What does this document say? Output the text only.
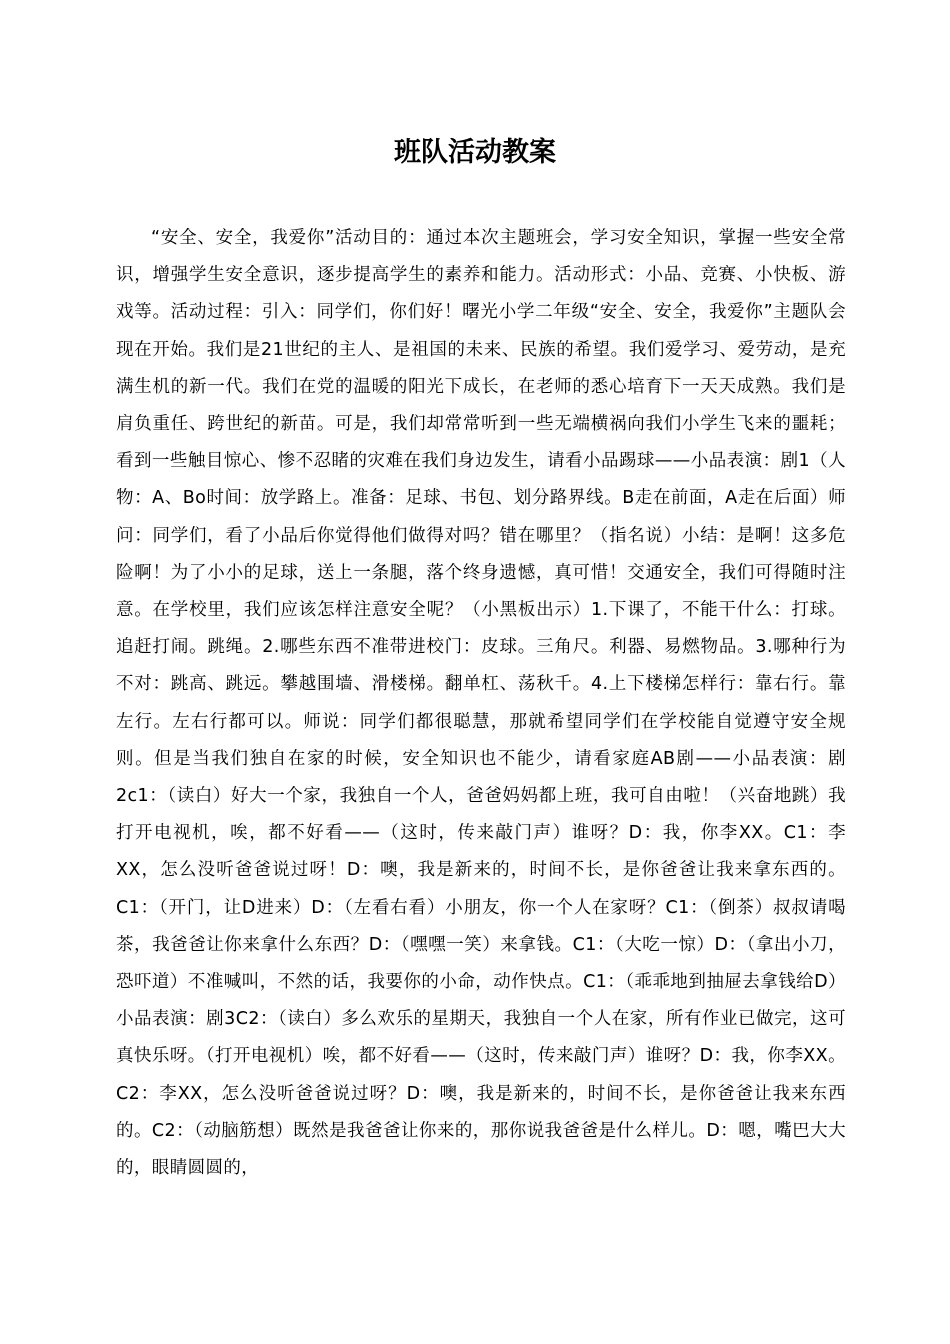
班队活动教案

“安全、安全，我爱你”活动目的：通过本次主题班会，学习安全知识，掌握一些安全常识，增强学生安全意识，逐步提高学生的素养和能力。活动形式：小品、竞赛、小快板、游戏等。活动过程：引入：同学们，你们好！曙光小学二年级“安全、安全，我爱你”主题队会现在开始。我们是21世纪的主人、是祖国的未来、民族的希望。我们爱学习、爱劳动，是充满生机的新一代。我们在党的温暖的阳光下成长，在老师的悉心培育下一天天成熟。我们是肩负重任、跨世纪的新苗。可是，我们却常常听到一些无端横祸向我们小学生飞来的噩耗；看到一些触目惊心、惨不忍睹的灾难在我们身边发生，请看小品踢球——小品表演：剧1（人物：A、Bo时间：放学路上。准备：足球、书包、划分路界线。B走在前面，A走在后面）师问：同学们，看了小品后你觉得他们做得对吗？错在哪里？（指名说）小结：是啊！这多危险啊！为了小小的足球，送上一条腿，落个终身遗憾，真可惜！交通安全，我们可得随时注意。在学校里，我们应该怎样注意安全呢？（小黑板出示）1.下课了，不能干什么：打球。追赶打闹。跳绳。2.哪些东西不准带进校门：皮球。三角尺。利器、易燃物品。3.哪种行为不对：跳高、跳远。攀越围墙、滑楼梯。翻单杠、荡秋千。4.上下楼梯怎样行：靠右行。靠左行。左右行都可以。师说：同学们都很聪慧，那就希望同学们在学校能自觉遵守安全规则。但是当我们独自在家的时候，安全知识也不能少，请看家庭AB剧——小品表演：剧2c1：（读白）好大一个家，我独自一个人，爸爸妈妈都上班，我可自由啦！（兴奋地跳）我打开电视机，唉，都不好看——（这时，传来敲门声）谁呀？D：我，你李XX。C1：李XX，怎么没听爸爸说过呀！D：噢，我是新来的，时间不长，是你爸爸让我来拿东西的。C1：（开门，让D进来）D：（左看右看）小朋友，你一个人在家呀？C1：（倒茶）叔叔请喝茶，我爸爸让你来拿什么东西？D：（嘿嘿一笑）来拿钱。C1：（大吃一惊）D：（拿出小刀，恐吓道）不准喊叫，不然的话，我要你的小命，动作快点。C1：（乖乖地到抽屉去拿钱给D）小品表演：剧3C2：（读白）多么欢乐的星期天，我独自一个人在家，所有作业已做完，这可真快乐呀。（打开电视机）唉，都不好看——（这时，传来敲门声）谁呀？D：我，你李XX。C2：李XX，怎么没听爸爸说过呀？D：噢，我是新来的，时间不长，是你爸爸让我来东西的。C2：（动脑筋想）既然是我爸爸让你来的，那你说我爸爸是什么样儿。D：嗯，嘴巴大大的，眼睛圆圆的，
